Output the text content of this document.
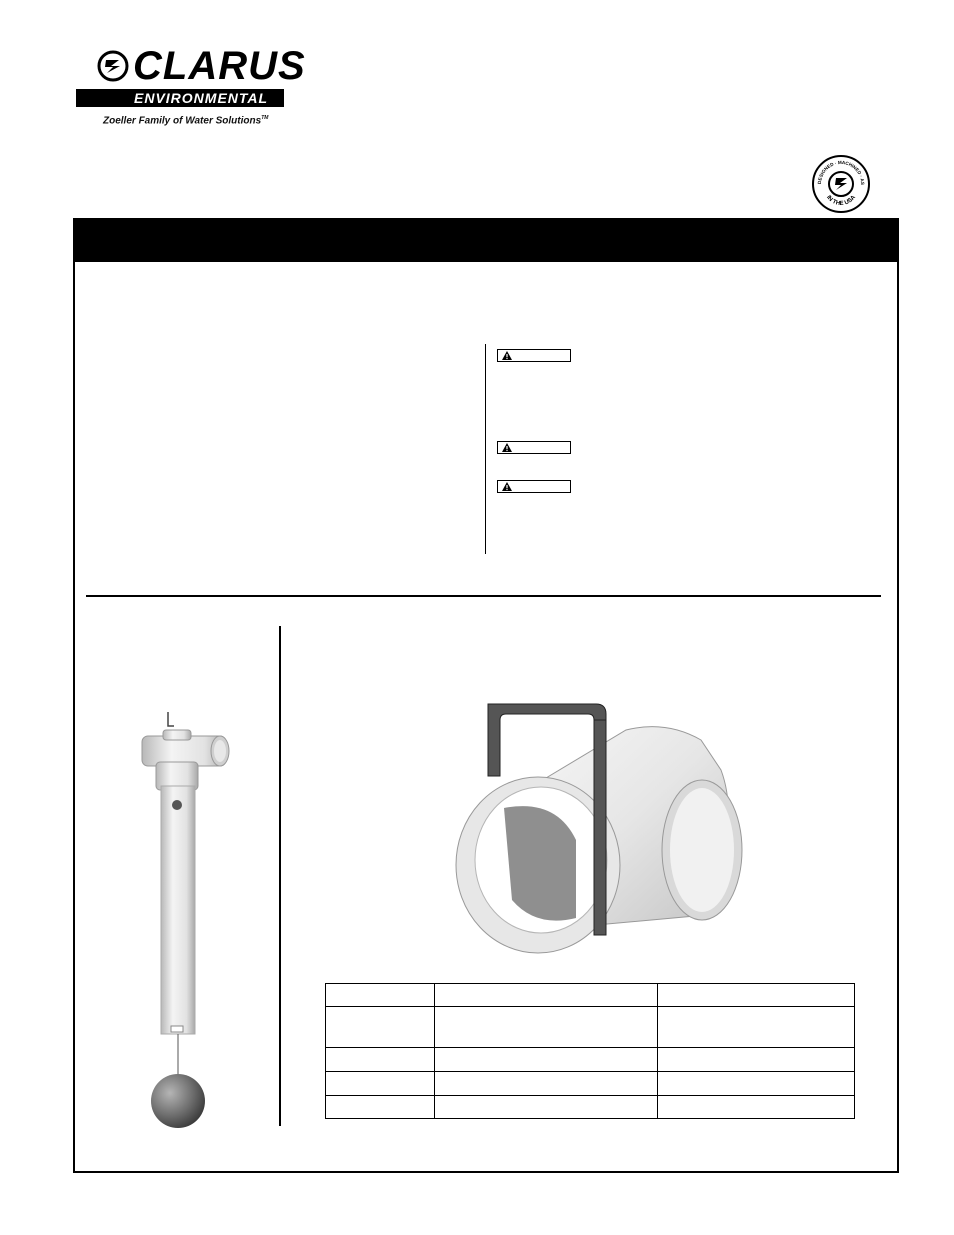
CLARUS
ENVIRONMENTAL
Zoeller Family of Water Solutions™
DESIGNED · MACHINED · AS
IN THE USA
